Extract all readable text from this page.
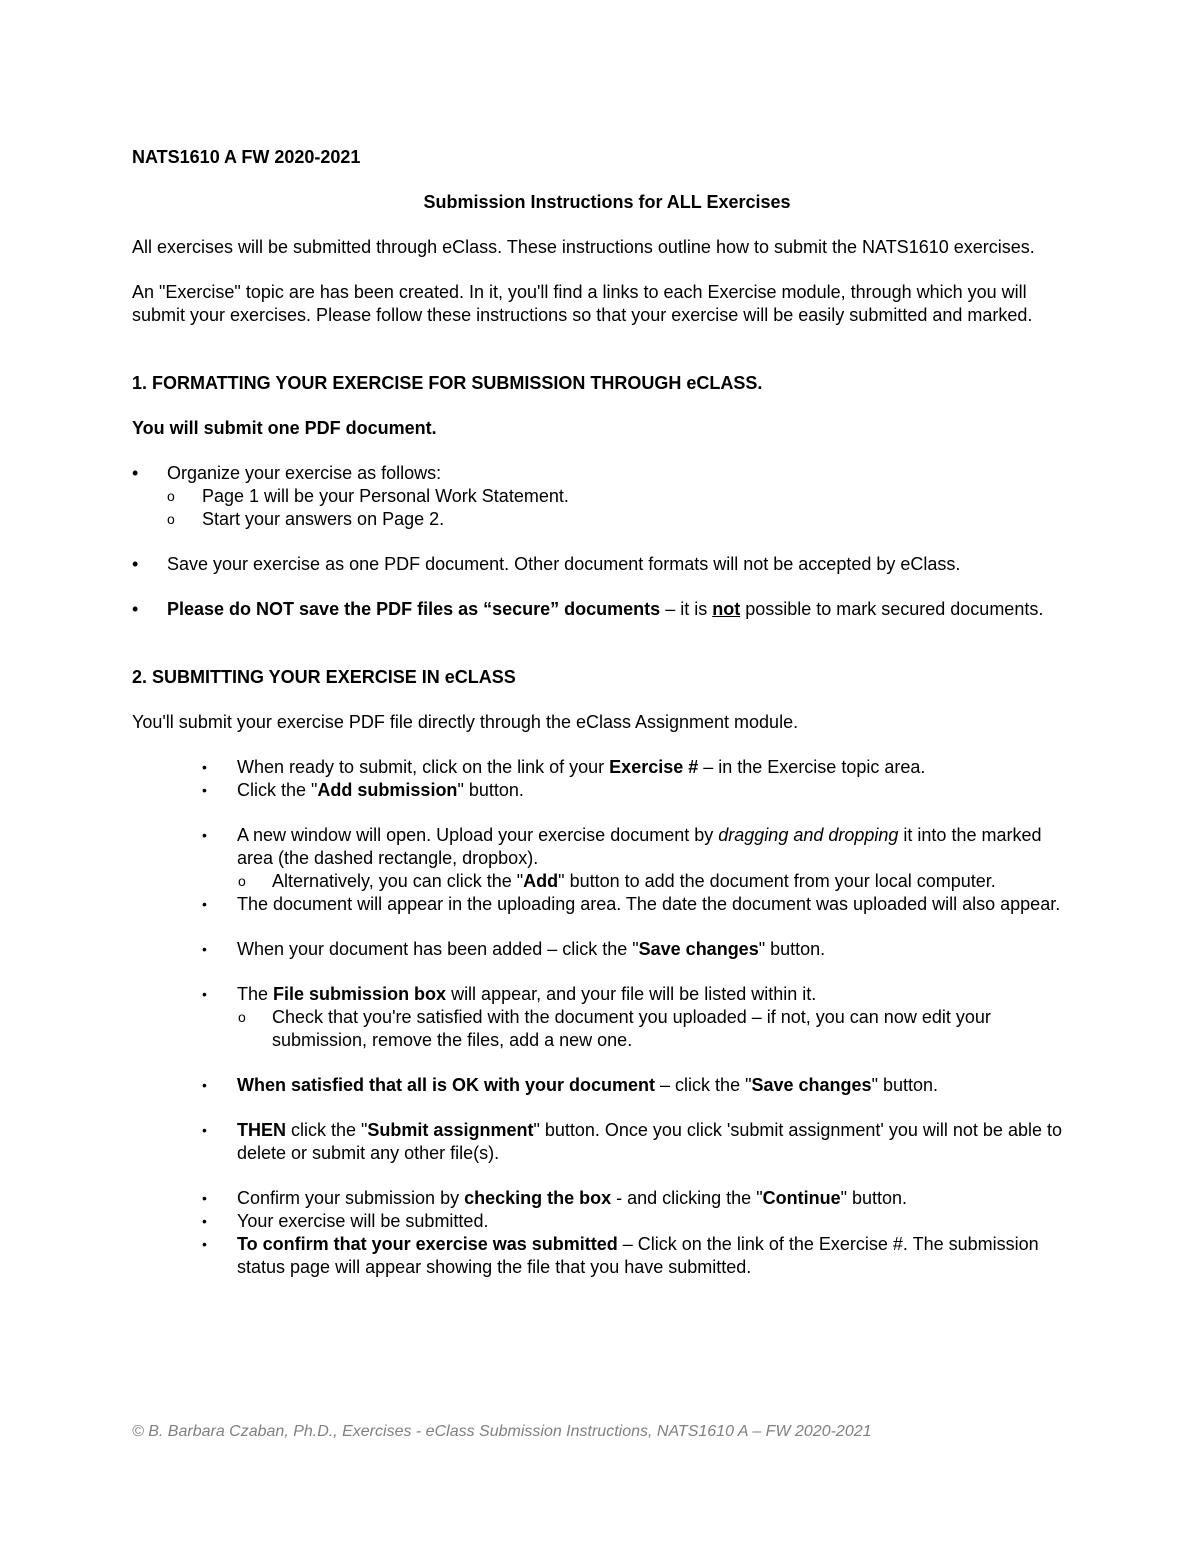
NATS1610 A FW 2020-2021

Submission Instructions for ALL Exercises

All exercises will be submitted through eClass. These instructions outline how to submit the NATS1610 exercises.

An "Exercise" topic are has been created. In it, you'll find a links to each Exercise module, through which you will submit your exercises. Please follow these instructions so that your exercise will be easily submitted and marked.

1. FORMATTING YOUR EXERCISE FOR SUBMISSION THROUGH eCLASS.

You will submit one PDF document.

• Organize your exercise as follows:
o Page 1 will be your Personal Work Statement.
o Start your answers on Page 2.
• Save your exercise as one PDF document. Other document formats will not be accepted by eClass.
• Please do NOT save the PDF files as “secure” documents – it is not possible to mark secured documents.
2. SUBMITTING YOUR EXERCISE IN eCLASS

You'll submit your exercise PDF file directly through the eClass Assignment module.

• When ready to submit, click on the link of your Exercise # – in the Exercise topic area.
• Click the "Add submission" button.
• A new window will open. Upload your exercise document by dragging and dropping it into the marked area (the dashed rectangle, dropbox).
o Alternatively, you can click the "Add" button to add the document from your local computer.
• The document will appear in the uploading area. The date the document was uploaded will also appear.
• When your document has been added – click the "Save changes" button.
• The File submission box will appear, and your file will be listed within it.
o Check that you're satisfied with the document you uploaded – if not, you can now edit your submission, remove the files, add a new one.
• When satisfied that all is OK with your document – click the "Save changes" button.
• THEN click the "Submit assignment" button. Once you click 'submit assignment' you will not be able to delete or submit any other file(s).
• Confirm your submission by checking the box - and clicking the "Continue" button.
• Your exercise will be submitted.
• To confirm that your exercise was submitted – Click on the link of the Exercise #. The submission status page will appear showing the file that you have submitted.
© B. Barbara Czaban, Ph.D., Exercises - eClass Submission Instructions, NATS1610 A – FW 2020-2021
